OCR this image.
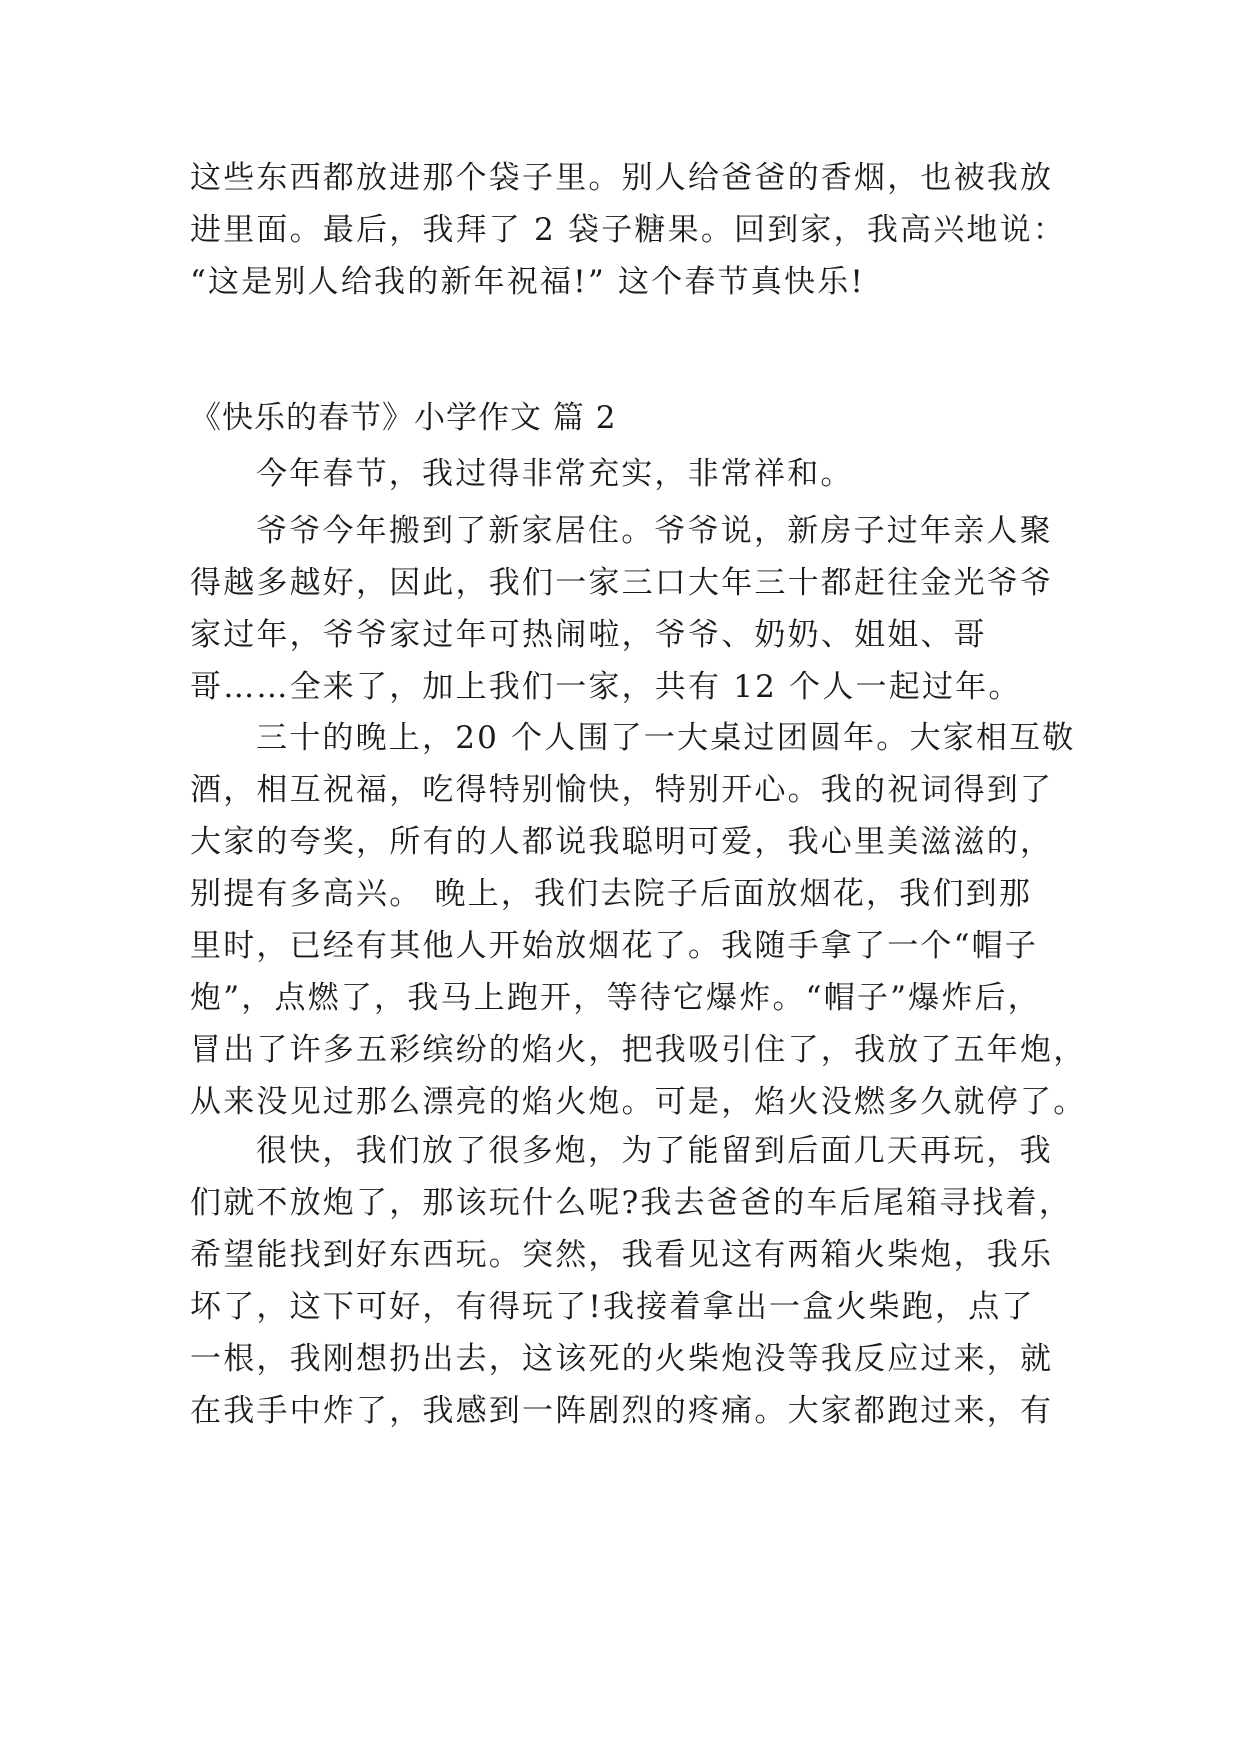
这些东西都放进那个袋子里。别人给爸爸的香烟，也被我放
进里面。最后，我拜了 2 袋子糖果。回到家，我高兴地说：
“这是别人给我的新年祝福!” 这个春节真快乐!
《快乐的春节》小学作文 篇 2
今年春节，我过得非常充实，非常祥和。
爷爷今年搬到了新家居住。爷爷说，新房子过年亲人聚
得越多越好，因此，我们一家三口大年三十都赶往金光爷爷
家过年，爷爷家过年可热闹啦，爷爷、奶奶、姐姐、哥
哥……全来了，加上我们一家，共有 12 个人一起过年。
三十的晚上，20 个人围了一大桌过团圆年。大家相互敬
酒，相互祝福，吃得特别愉快，特别开心。我的祝词得到了
大家的夸奖，所有的人都说我聪明可爱，我心里美滋滋的，
别提有多高兴。 晚上，我们去院子后面放烟花，我们到那
里时，已经有其他人开始放烟花了。我随手拿了一个“帽子
炮”，点燃了，我马上跑开，等待它爆炸。“帽子”爆炸后，
冒出了许多五彩缤纷的焰火，把我吸引住了，我放了五年炮，
从来没见过那么漂亮的焰火炮。可是，焰火没燃多久就停了。
很快，我们放了很多炮，为了能留到后面几天再玩，我
们就不放炮了，那该玩什么呢?我去爸爸的车后尾箱寻找着，
希望能找到好东西玩。突然，我看见这有两箱火柴炮，我乐
坏了，这下可好，有得玩了!我接着拿出一盒火柴跑，点了
一根，我刚想扔出去，这该死的火柴炮没等我反应过来，就
在我手中炸了，我感到一阵剧烈的疼痛。大家都跑过来，有
